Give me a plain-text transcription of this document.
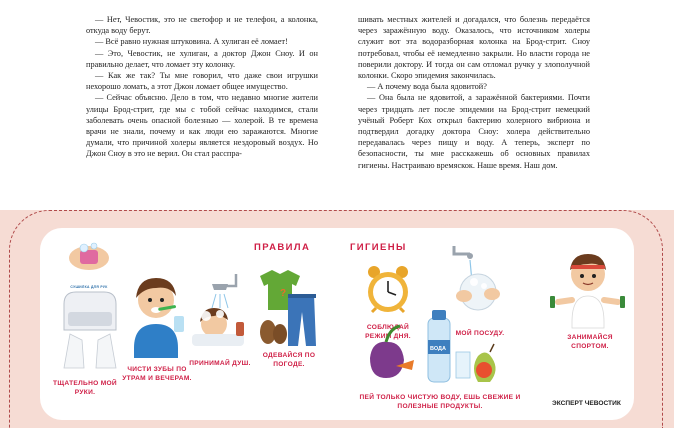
— Нет, Чевостик, это не светофор и не телефон, а колонка, откуда воду берут.

— Всё равно нужная штуковина. А хулиган её ломает!

— Это, Чевостик, не хулиган, а доктор Джон Сноу. И он правильно делает, что ломает эту колонку.

— Как же так? Ты мне говорил, что даже свои игрушки нехорошо ломать, а этот Джон ломает общее имущество.

— Сейчас объясню. Дело в том, что недавно многие жители улицы Брод-стрит, где мы с тобой сейчас находимся, стали заболевать очень опасной болезнью — холерой. В те времена врачи не знали, почему и как люди ею заражаются. Многие думали, что причиной холеры является нездоровый воздух. Но Джон Сноу в это не верил. Он стал расспра-

шивать местных жителей и догадался, что болезнь передаётся через заражённую воду. Оказалось, что источником холеры служит вот эта водоразборная колонка на Брод-стрит. Сноу потребовал, чтобы её немедленно закрыли. Но власти города не поверили доктору. И тогда он сам отломал ручку у злополучной колонки. Скоро эпидемия закончилась.

— А почему вода была ядовитой?

— Она была не ядовитой, а заражённой бактериями. Почти через тридцать лет после эпидемии на Брод-стрит немецкий учёный Роберт Кох открыл бактерию холерного вибриона и подтвердил догадку доктора Сноу: холера действительно передавалась через пищу и воду. А теперь, эксперт по безопасности, ты мне расскажешь об основных правилах гигиены. Настраиваю времяскок. Наше время. Наш дом.

ПРАВИЛА	ГИГИЕНЫ
СУШИЛКА ДЛЯ РУК
ТЩАТЕЛЬНО МОЙ РУКИ.
ЧИСТИ ЗУБЫ ПО УТРАМ И ВЕЧЕРАМ.
ПРИНИМАЙ ДУШ.
?
ОДЕВАЙСЯ ПО ПОГОДЕ.
СОБЛЮДАЙ РЕЖИМ ДНЯ.
ВОДА
ПЕЙ ТОЛЬКО ЧИСТУЮ ВОДУ, ЕШЬ СВЕЖИЕ И ПОЛЕЗНЫЕ ПРОДУКТЫ.
МОЙ ПОСУДУ.
ЗАНИМАЙСЯ СПОРТОМ.
ЭКСПЕРТ ЧЕВОСТИК
